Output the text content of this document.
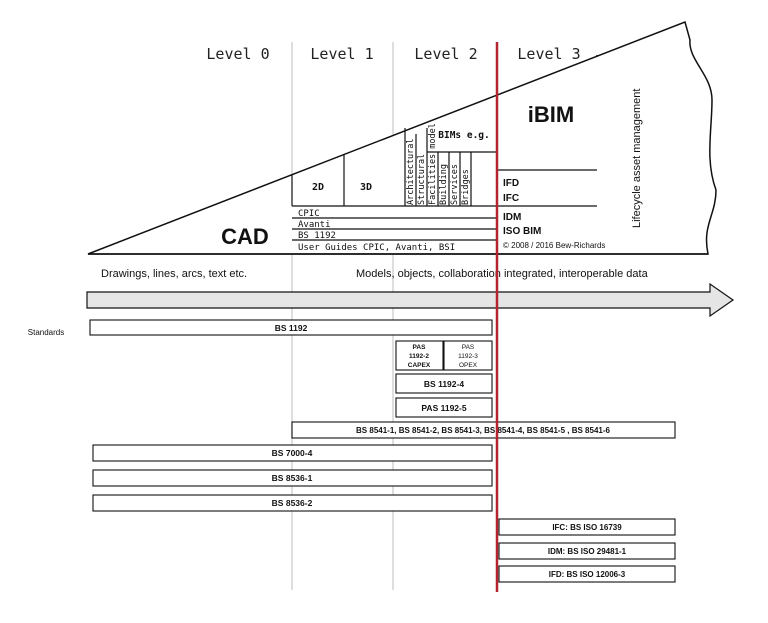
Level 0	Level 1	Level 2	Level 3
CAD
iBIM
2D	3D
BIMs e.g.
Architectural Structural Facilities model Building Services Bridges	IFD
IFC
IDM
ISO BIM
© 2008 / 2016 Bew-Richards
Lifecycle asset management
CPIC
Avanti
BS 1192
User Guides CPIC, Avanti, BSI
Drawings, lines, arcs, text etc.	Models, objects, collaboration integrated, interoperable data
Standards	BS 1192
PAS
1192-2
CAPEX
PAS
1192-3
OPEX
BS 1192-4
PAS 1192-5
BS 8541-1, BS 8541-2, BS 8541-3, BS 8541-4, BS 8541-5 , BS 8541-6
BS 7000-4
BS 8536-1
BS 8536-2
IFC: BS ISO 16739
IDM: BS ISO 29481-1
IFD: BS ISO 12006-3
